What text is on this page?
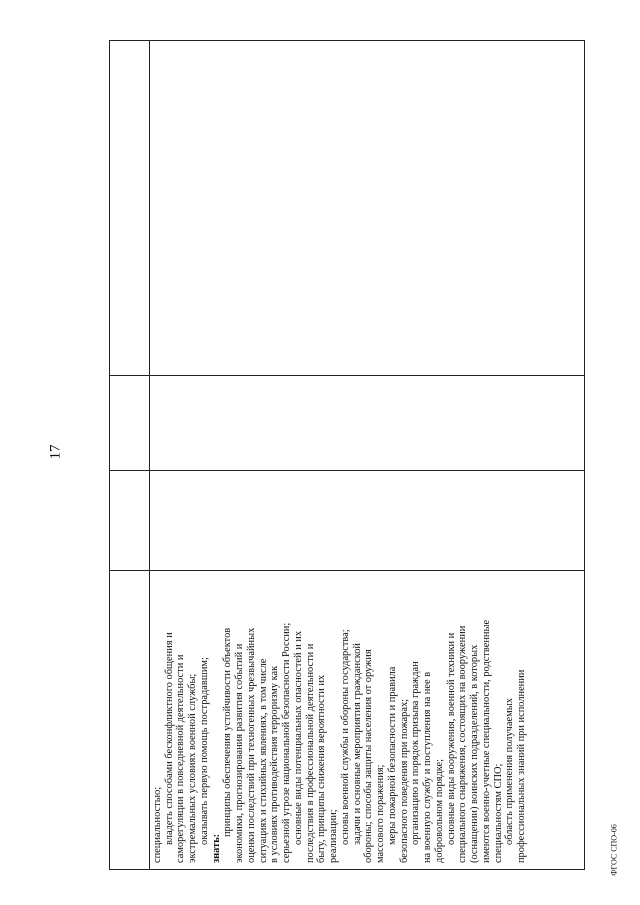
17
специальностью; владеть способами бесконфликтного общения и саморегуляции в повседневной деятельности и экстремальных условиях военной службы; оказывать первую помощь пострадавшим;
знать:
принципы обеспечения устойчивости объектов экономики, прогнозирования развития событий и оценки последствий при техногенных чрезвычайных ситуациях и стихийных явлениях, в том числе в условиях противодействия терроризму как серьезной угрозе национальной безопасности России; основные виды потенциальных опасностей и их последствия в профессиональной деятельности и быту, принципы снижения вероятности их реализации; основы военной службы и обороны государства; задачи и основные мероприятия гражданской обороны; способы защиты населения от оружия массового поражения; меры пожарной безопасности и правила безопасного поведения при пожарах; организацию и порядок призыва граждан на военную службу и поступления на нее в добровольном порядке; основные виды вооружения, военной техники и специального снаряжения, состоящих на вооружении (оснащении) воинских подразделений, в которых имеются военно-учетные специальности, родственные специальностям СПО; область применения получаемых профессиональных знаний при исполнении	ФГОС СПО-06
